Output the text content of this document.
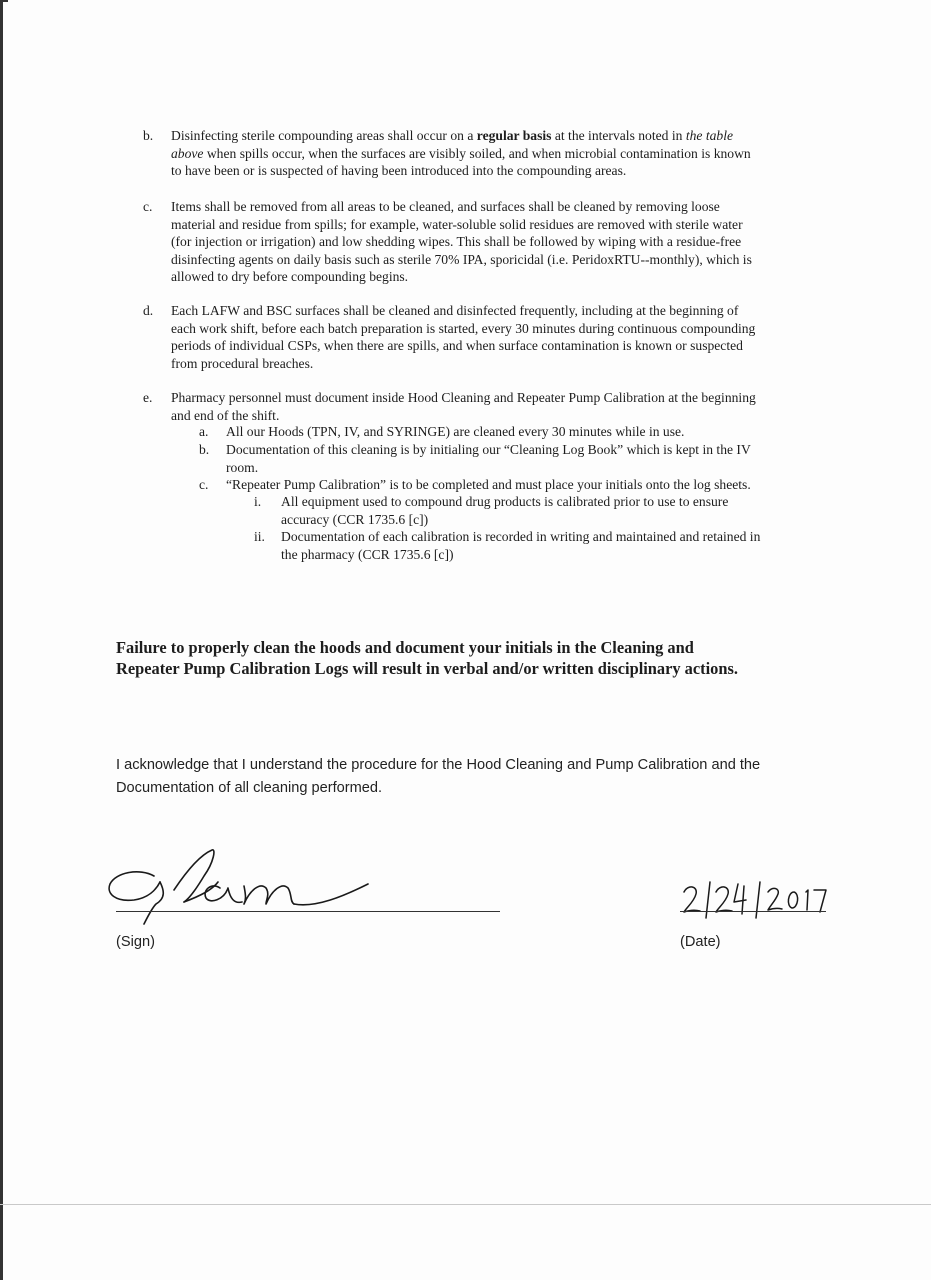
b. Disinfecting sterile compounding areas shall occur on a regular basis at the intervals noted in the table
above when spills occur, when the surfaces are visibly soiled, and when microbial contamination is known
to have been or is suspected of having been introduced into the compounding areas.
c. Items shall be removed from all areas to be cleaned, and surfaces shall be cleaned by removing loose
material and residue from spills; for example, water-soluble solid residues are removed with sterile water
(for injection or irrigation) and low shedding wipes. This shall be followed by wiping with a residue-free
disinfecting agents on daily basis such as sterile 70% IPA, sporicidal (i.e. PeridoxRTU--monthly), which is
allowed to dry before compounding begins.
d. Each LAFW and BSC surfaces shall be cleaned and disinfected frequently, including at the beginning of
each work shift, before each batch preparation is started, every 30 minutes during continuous compounding
periods of individual CSPs, when there are spills, and when surface contamination is known or suspected
from procedural breaches.
e. Pharmacy personnel must document inside Hood Cleaning and Repeater Pump Calibration at the beginning
and end of the shift.
a. All our Hoods (TPN, IV, and SYRINGE) are cleaned every 30 minutes while in use.
b. Documentation of this cleaning is by initialing our “Cleaning Log Book” which is kept in the IV
room.
c. “Repeater Pump Calibration” is to be completed and must place your initials onto the log sheets.
i. All equipment used to compound drug products is calibrated prior to use to ensure
accuracy (CCR 1735.6 [c])
ii. Documentation of each calibration is recorded in writing and maintained and retained in
the pharmacy (CCR 1735.6 [c])
Failure to properly clean the hoods and document your initials in the Cleaning and
Repeater Pump Calibration Logs will result in verbal and/or written disciplinary actions.
I acknowledge that I understand the procedure for the Hood Cleaning and Pump Calibration and the
Documentation of all cleaning performed.
(Sign)	(Date)
